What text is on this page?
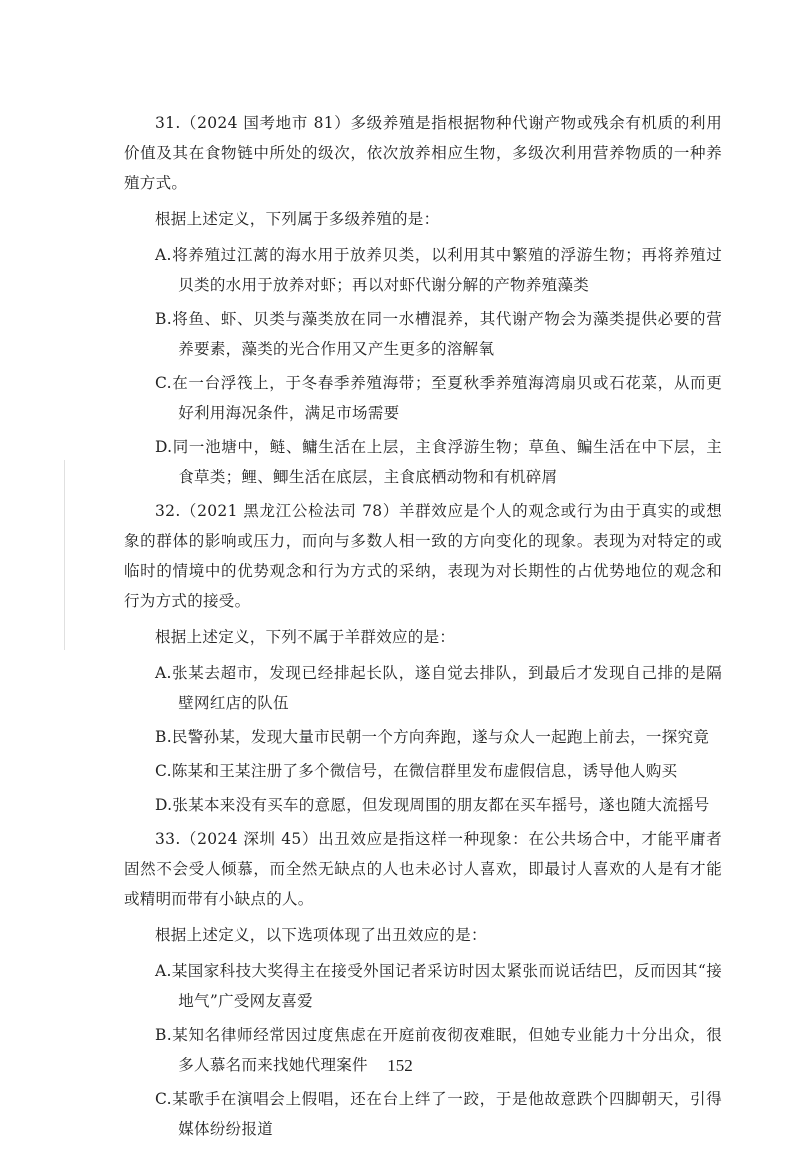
31.（2024 国考地市 81）多级养殖是指根据物种代谢产物或残余有机质的利用价值及其在食物链中所处的级次，依次放养相应生物，多级次利用营养物质的一种养殖方式。

根据上述定义，下列属于多级养殖的是：

A.将养殖过江蓠的海水用于放养贝类，以利用其中繁殖的浮游生物；再将养殖过贝类的水用于放养对虾；再以对虾代谢分解的产物养殖藻类
B.将鱼、虾、贝类与藻类放在同一水槽混养，其代谢产物会为藻类提供必要的营养要素，藻类的光合作用又产生更多的溶解氧
C.在一台浮筏上，于冬春季养殖海带；至夏秋季养殖海湾扇贝或石花菜，从而更好利用海况条件，满足市场需要
D.同一池塘中，鲢、鳙生活在上层，主食浮游生物；草鱼、鳊生活在中下层，主食草类；鲤、鲫生活在底层，主食底栖动物和有机碎屑

32.（2021 黑龙江公检法司 78）羊群效应是个人的观念或行为由于真实的或想象的群体的影响或压力，而向与多数人相一致的方向变化的现象。表现为对特定的或临时的情境中的优势观念和行为方式的采纳，表现为对长期性的占优势地位的观念和行为方式的接受。

根据上述定义，下列不属于羊群效应的是：

A.张某去超市，发现已经排起长队，遂自觉去排队，到最后才发现自己排的是隔壁网红店的队伍
B.民警孙某，发现大量市民朝一个方向奔跑，遂与众人一起跑上前去，一探究竟
C.陈某和王某注册了多个微信号，在微信群里发布虚假信息，诱导他人购买
D.张某本来没有买车的意愿，但发现周围的朋友都在买车摇号，遂也随大流摇号

33.（2024 深圳 45）出丑效应是指这样一种现象：在公共场合中，才能平庸者固然不会受人倾慕，而全然无缺点的人也未必讨人喜欢，即最讨人喜欢的人是有才能或精明而带有小缺点的人。

根据上述定义，以下选项体现了出丑效应的是：

A.某国家科技大奖得主在接受外国记者采访时因太紧张而说话结巴，反而因其“接地气”广受网友喜爱
B.某知名律师经常因过度焦虑在开庭前夜彻夜难眠，但她专业能力十分出众，很多人慕名而来找她代理案件
C.某歌手在演唱会上假唱，还在台上绊了一跤，于是他故意跌个四脚朝天，引得媒体纷纷报道
152
